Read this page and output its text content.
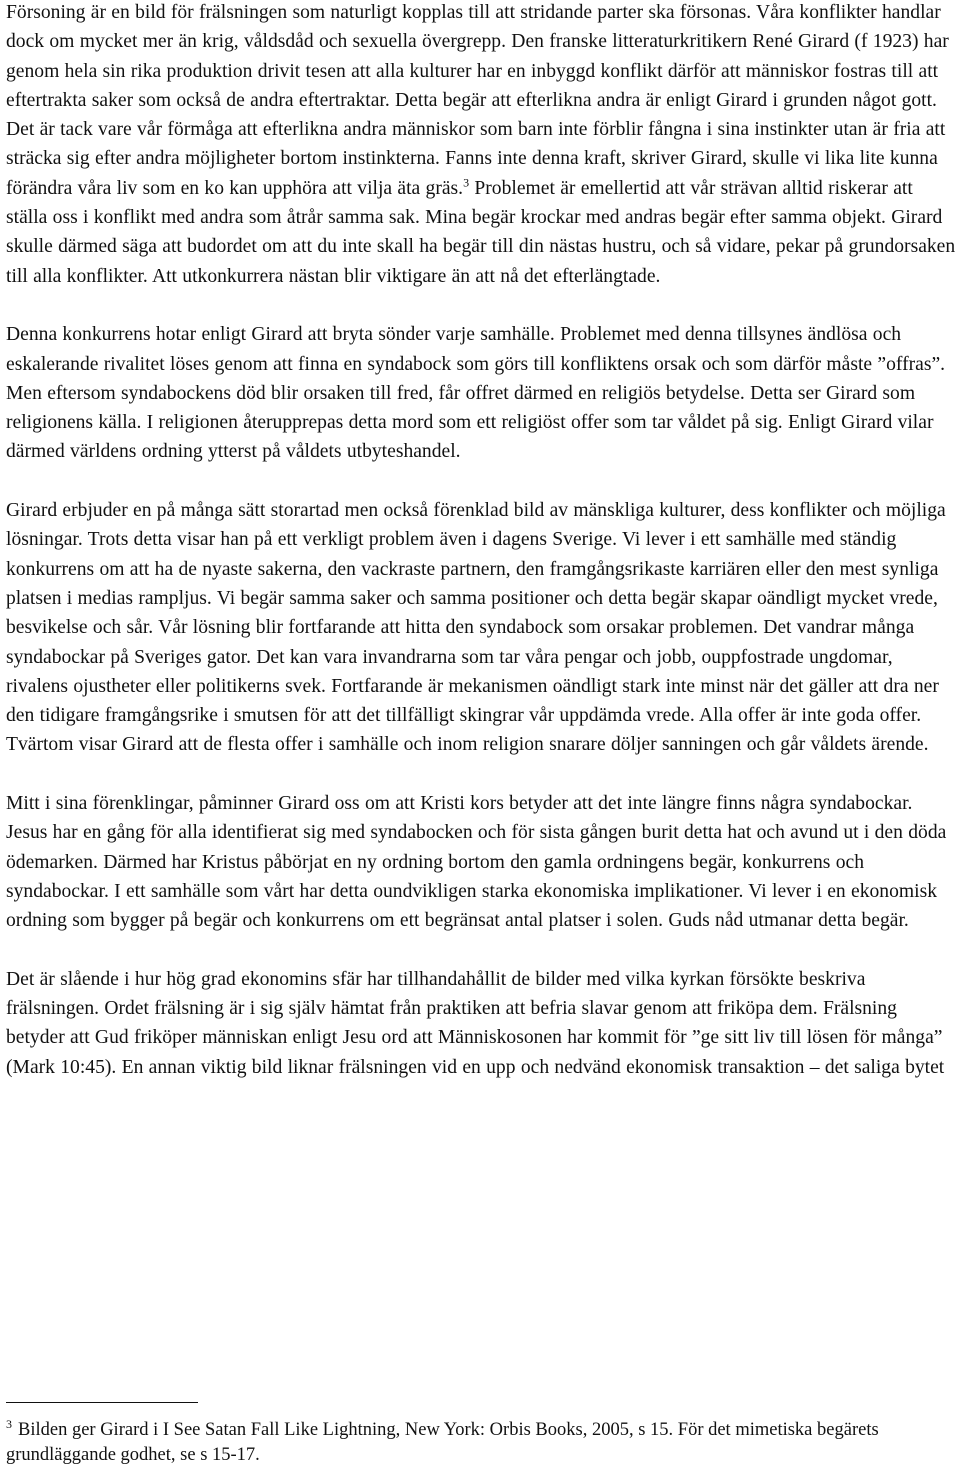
Försoning är en bild för frälsningen som naturligt kopplas till att stridande parter ska försonas. Våra konflikter handlar dock om mycket mer än krig, våldsdåd och sexuella övergrepp. Den franske litteraturkritikern René Girard (f 1923) har genom hela sin rika produktion drivit tesen att alla kulturer har en inbyggd konflikt därför att människor fostras till att eftertrakta saker som också de andra eftertraktar. Detta begär att efterlikna andra är enligt Girard i grunden något gott. Det är tack vare vår förmåga att efterlikna andra människor som barn inte förblir fångna i sina instinkter utan är fria att sträcka sig efter andra möjligheter bortom instinkterna. Fanns inte denna kraft, skriver Girard, skulle vi lika lite kunna förändra våra liv som en ko kan upphöra att vilja äta gräs.$^3$ Problemet är emellertid att vår strävan alltid riskerar att ställa oss i konflikt med andra som åtrår samma sak. Mina begär krockar med andras begär efter samma objekt. Girard skulle därmed säga att budordet om att du inte skall ha begär till din nästas hustru, och så vidare, pekar på grundorsaken till alla konflikter. Att utkonkurrera nästan blir viktigare än att nå det efterlängtade.

Denna konkurrens hotar enligt Girard att bryta sönder varje samhälle. Problemet med denna tillsynes ändlösa och eskalerande rivalitet löses genom att finna en syndabock som görs till konfliktens orsak och som därför måste ”offras”. Men eftersom syndabockens död blir orsaken till fred, får offret därmed en religiös betydelse. Detta ser Girard som religionens källa. I religionen återupprepas detta mord som ett religiöst offer som tar våldet på sig. Enligt Girard vilar därmed världens ordning ytterst på våldets utbyteshandel.

Girard erbjuder en på många sätt storartad men också förenklad bild av mänskliga kulturer, dess konflikter och möjliga lösningar. Trots detta visar han på ett verkligt problem även i dagens Sverige. Vi lever i ett samhälle med ständig konkurrens om att ha de nyaste sakerna, den vackraste partnern, den framgångsrikaste karriären eller den mest synliga platsen i medias rampljus. Vi begär samma saker och samma positioner och detta begär skapar oändligt mycket vrede, besvikelse och sår. Vår lösning blir fortfarande att hitta den syndabock som orsakar problemen. Det vandrar många syndabockar på Sveriges gator. Det kan vara invandrarna som tar våra pengar och jobb, ouppfostrade ungdomar, rivalens ojustheter eller politikerns svek. Fortfarande är mekanismen oändligt stark inte minst när det gäller att dra ner den tidigare framgångsrike i smutsen för att det tillfälligt skingrar vår uppdämda vrede. Alla offer är inte goda offer. Tvärtom visar Girard att de flesta offer i samhälle och inom religion snarare döljer sanningen och går våldets ärende.

Mitt i sina förenklingar, påminner Girard oss om att Kristi kors betyder att det inte längre finns några syndabockar. Jesus har en gång för alla identifierat sig med syndabocken och för sista gången burit detta hat och avund ut i den döda ödemarken. Därmed har Kristus påbörjat en ny ordning bortom den gamla ordningens begär, konkurrens och syndabockar. I ett samhälle som vårt har detta oundvikligen starka ekonomiska implikationer. Vi lever i en ekonomisk ordning som bygger på begär och konkurrens om ett begränsat antal platser i solen. Guds nåd utmanar detta begär.

Det är slående i hur hög grad ekonomins sfär har tillhandahållit de bilder med vilka kyrkan försökte beskriva frälsningen. Ordet frälsning är i sig själv hämtat från praktiken att befria slavar genom att friköpa dem. Frälsning betyder att Gud friköper människan enligt Jesu ord att Människosonen har kommit för ”ge sitt liv till lösen för många” (Mark 10:45). En annan viktig bild liknar frälsningen vid en upp och nedvänd ekonomisk transaktion – det saliga bytet

$^3$ Bilden ger Girard i I See Satan Fall Like Lightning, New York: Orbis Books, 2005, s 15. För det mimetiska begärets grundläggande godhet, se s 15-17.
